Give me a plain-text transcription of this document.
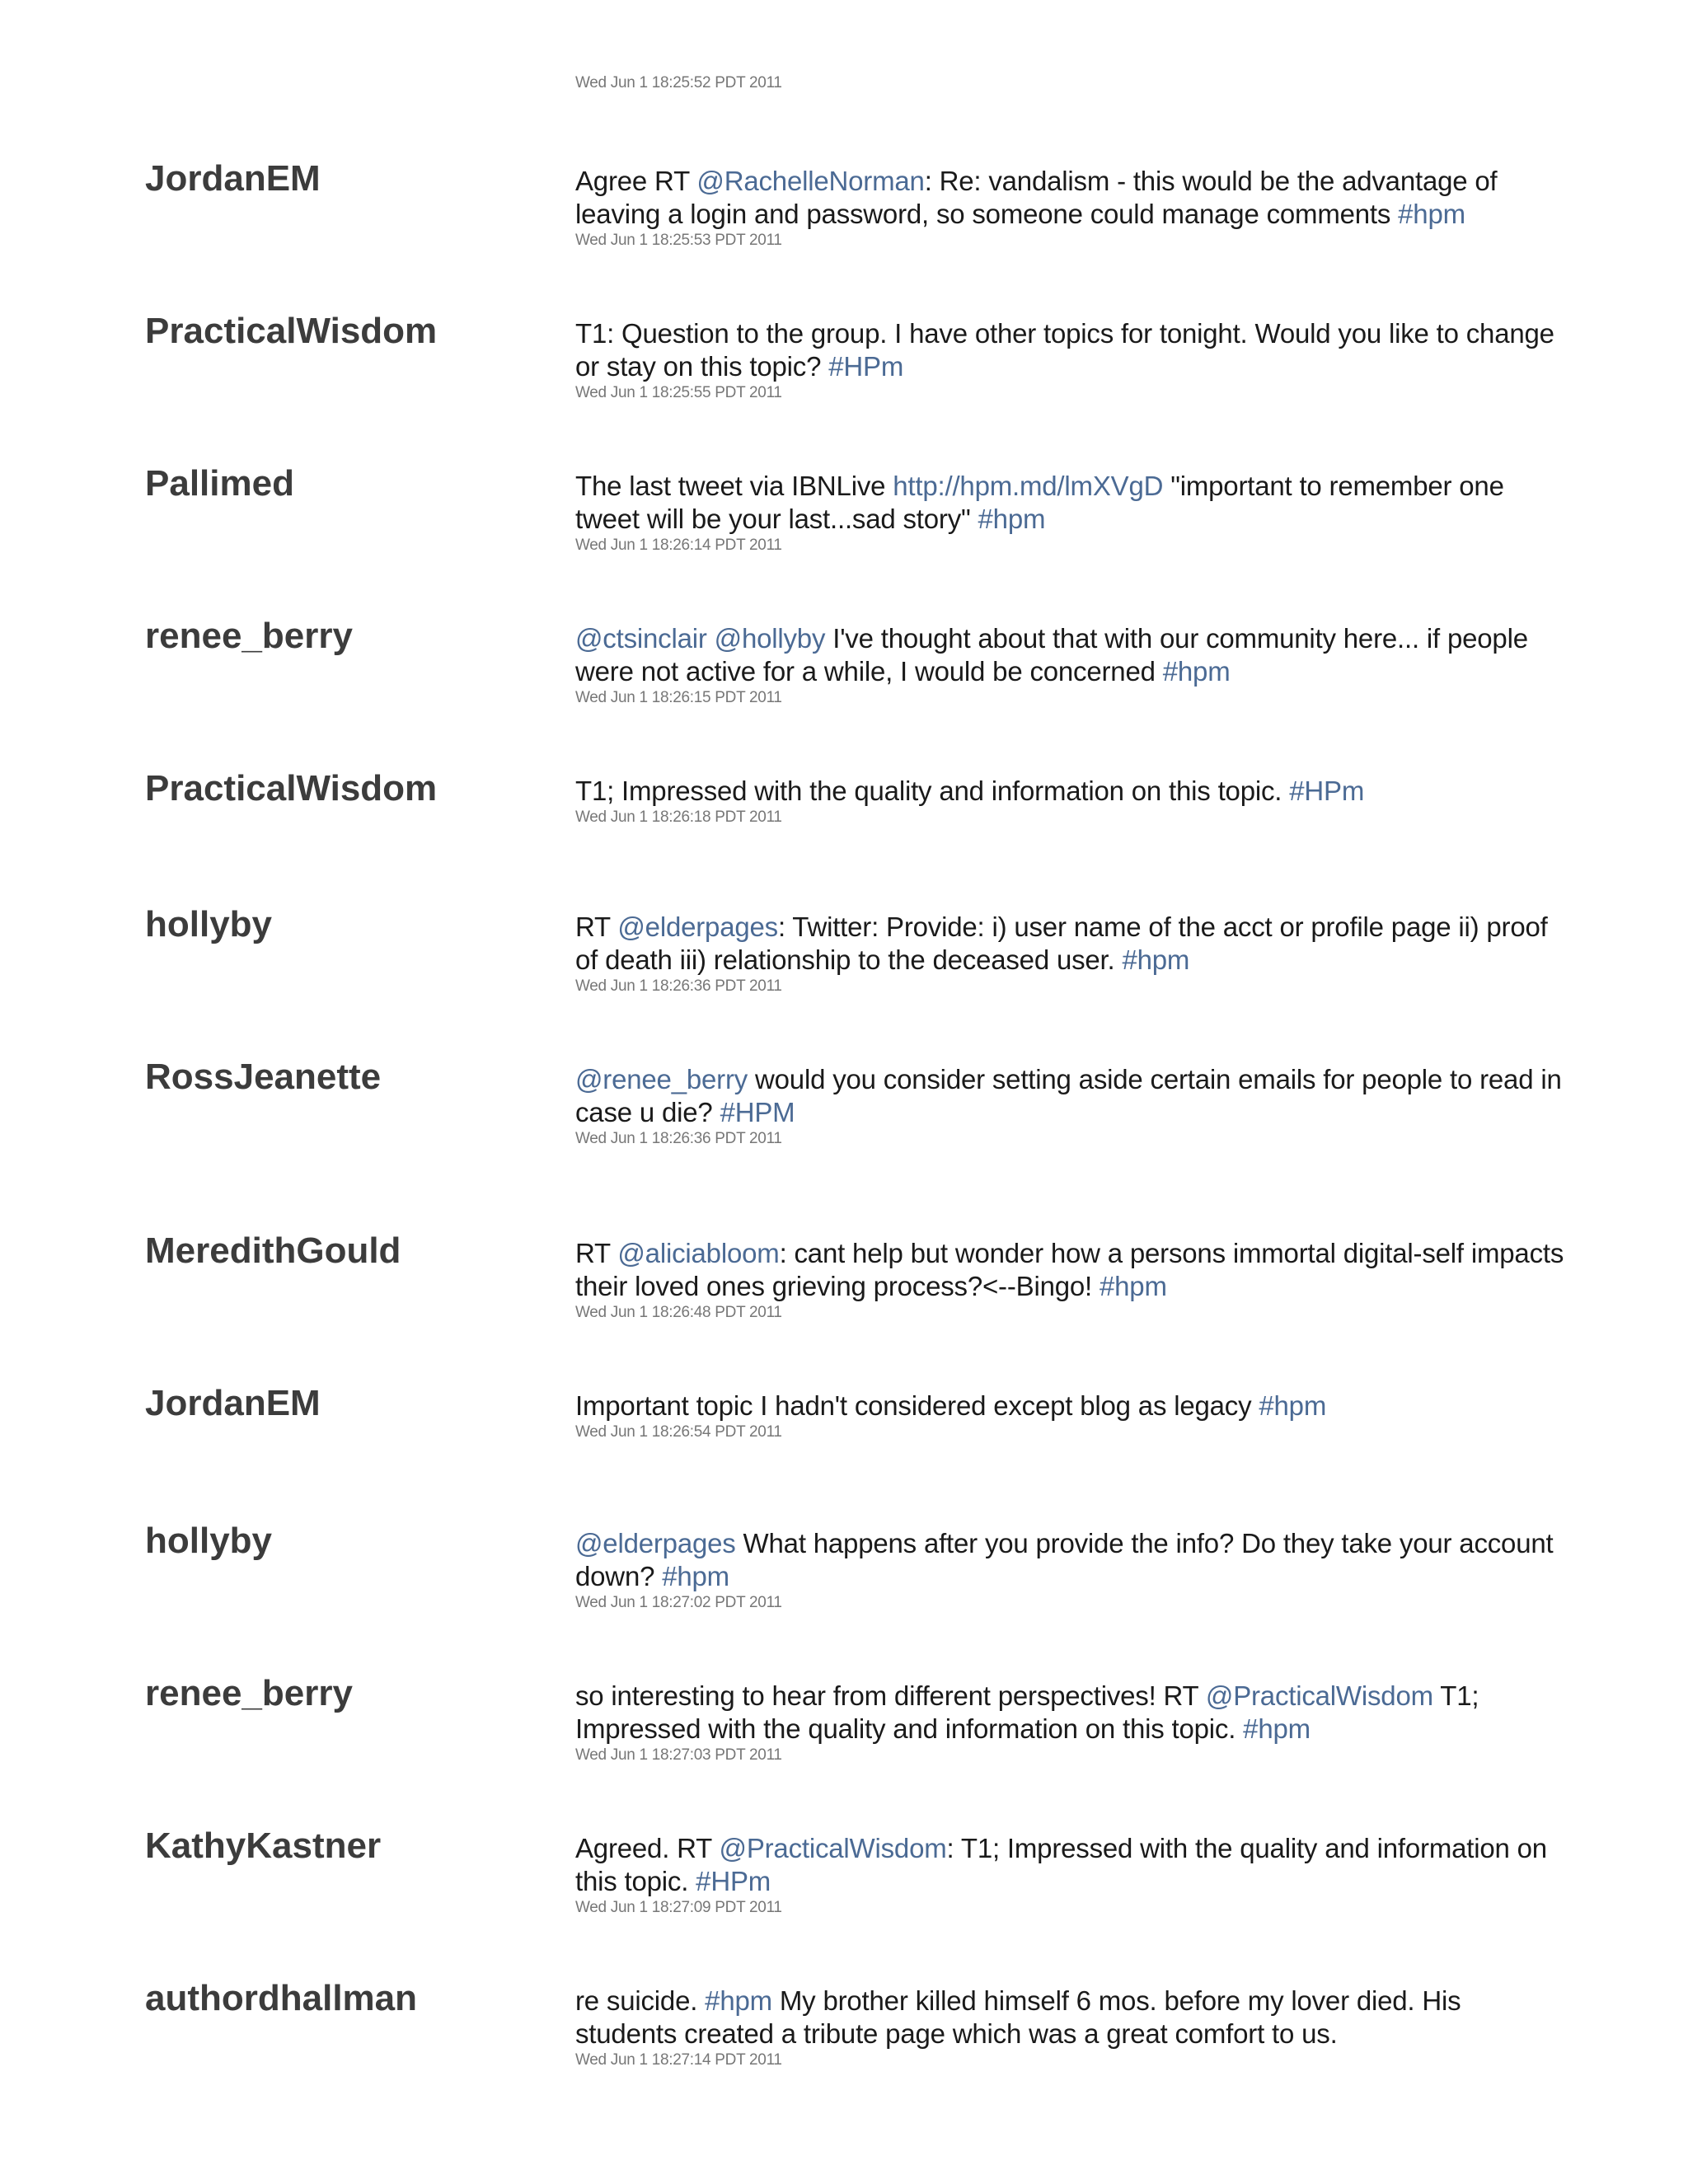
Wed Jun 1 18:25:52 PDT 2011
JordanEM	Agree RT @RachelleNorman: Re: vandalism - this would be the advantage of leaving a login and password, so someone could manage comments #hpm
Wed Jun 1 18:25:53 PDT 2011
PracticalWisdom	T1: Question to the group. I have other topics for tonight. Would you like to change or stay on this topic? #HPm
Wed Jun 1 18:25:55 PDT 2011
Pallimed	The last tweet via IBNLive http://hpm.md/lmXVgD "important to remember one tweet will be your last...sad story" #hpm
Wed Jun 1 18:26:14 PDT 2011
renee_berry	@ctsinclair @hollyby I've thought about that with our community here... if people were not active for a while, I would be concerned #hpm
Wed Jun 1 18:26:15 PDT 2011
PracticalWisdom	T1; Impressed with the quality and information on this topic. #HPm
Wed Jun 1 18:26:18 PDT 2011
hollyby	RT @elderpages: Twitter: Provide: i) user name of the acct or profile page ii) proof of death iii) relationship to the deceased user. #hpm
Wed Jun 1 18:26:36 PDT 2011
RossJeanette	@renee_berry would you consider setting aside certain emails for people to read in case u die? #HPM
Wed Jun 1 18:26:36 PDT 2011
MeredithGould	RT @aliciabloom: cant help but wonder how a persons immortal digital-self impacts their loved ones grieving process?<--Bingo! #hpm
Wed Jun 1 18:26:48 PDT 2011
JordanEM	Important topic I hadn't considered except blog as legacy #hpm
Wed Jun 1 18:26:54 PDT 2011
hollyby	@elderpages What happens after you provide the info? Do they take your account down? #hpm
Wed Jun 1 18:27:02 PDT 2011
renee_berry	so interesting to hear from different perspectives! RT @PracticalWisdom T1; Impressed with the quality and information on this topic. #hpm
Wed Jun 1 18:27:03 PDT 2011
KathyKastner	Agreed. RT @PracticalWisdom: T1; Impressed with the quality and information on this topic. #HPm
Wed Jun 1 18:27:09 PDT 2011
authordhallman	re suicide. #hpm My brother killed himself 6 mos. before my lover died. His students created a tribute page which was a great comfort to us.
Wed Jun 1 18:27:14 PDT 2011
